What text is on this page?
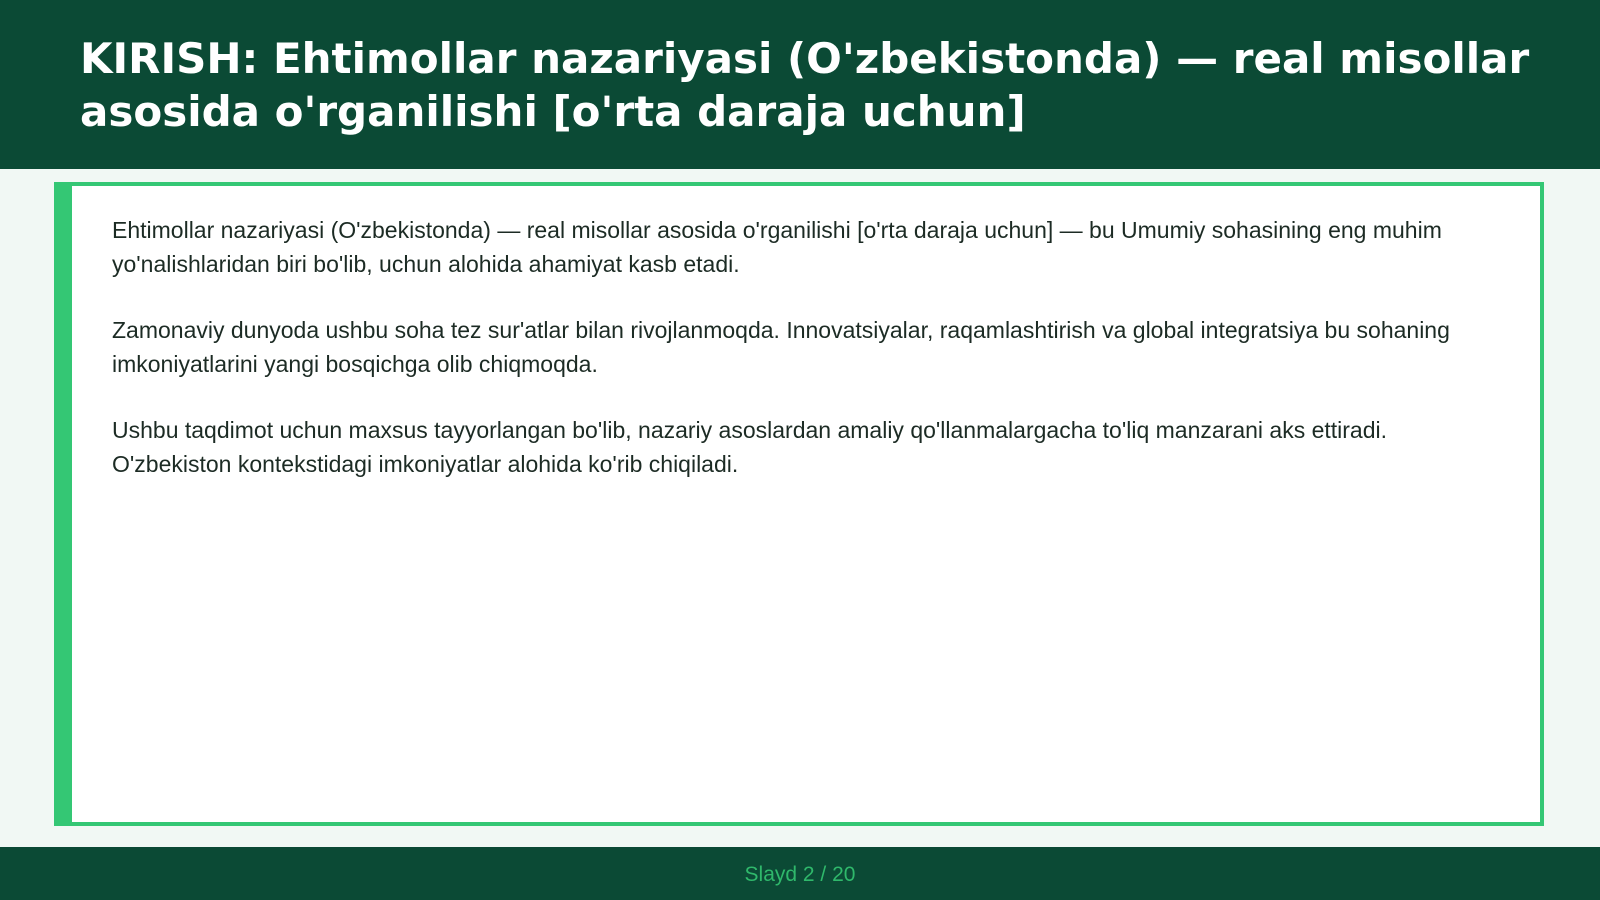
KIRISH: Ehtimollar nazariyasi (O'zbekistonda) — real misollar asosida o'rganilishi [o'rta daraja uchun]

Ehtimollar nazariyasi (O'zbekistonda) — real misollar asosida o'rganilishi [o'rta daraja uchun] — bu Umumiy sohasining eng muhim yo'nalishlaridan biri bo'lib, uchun alohida ahamiyat kasb etadi.

Zamonaviy dunyoda ushbu soha tez sur'atlar bilan rivojlanmoqda. Innovatsiyalar, raqamlashtirish va global integratsiya bu sohaning imkoniyatlarini yangi bosqichga olib chiqmoqda.

Ushbu taqdimot uchun maxsus tayyorlangan bo'lib, nazariy asoslardan amaliy qo'llanmalargacha to'liq manzarani aks ettiradi. O'zbekiston kontekstidagi imkoniyatlar alohida ko'rib chiqiladi.

Slayd 2 / 20
